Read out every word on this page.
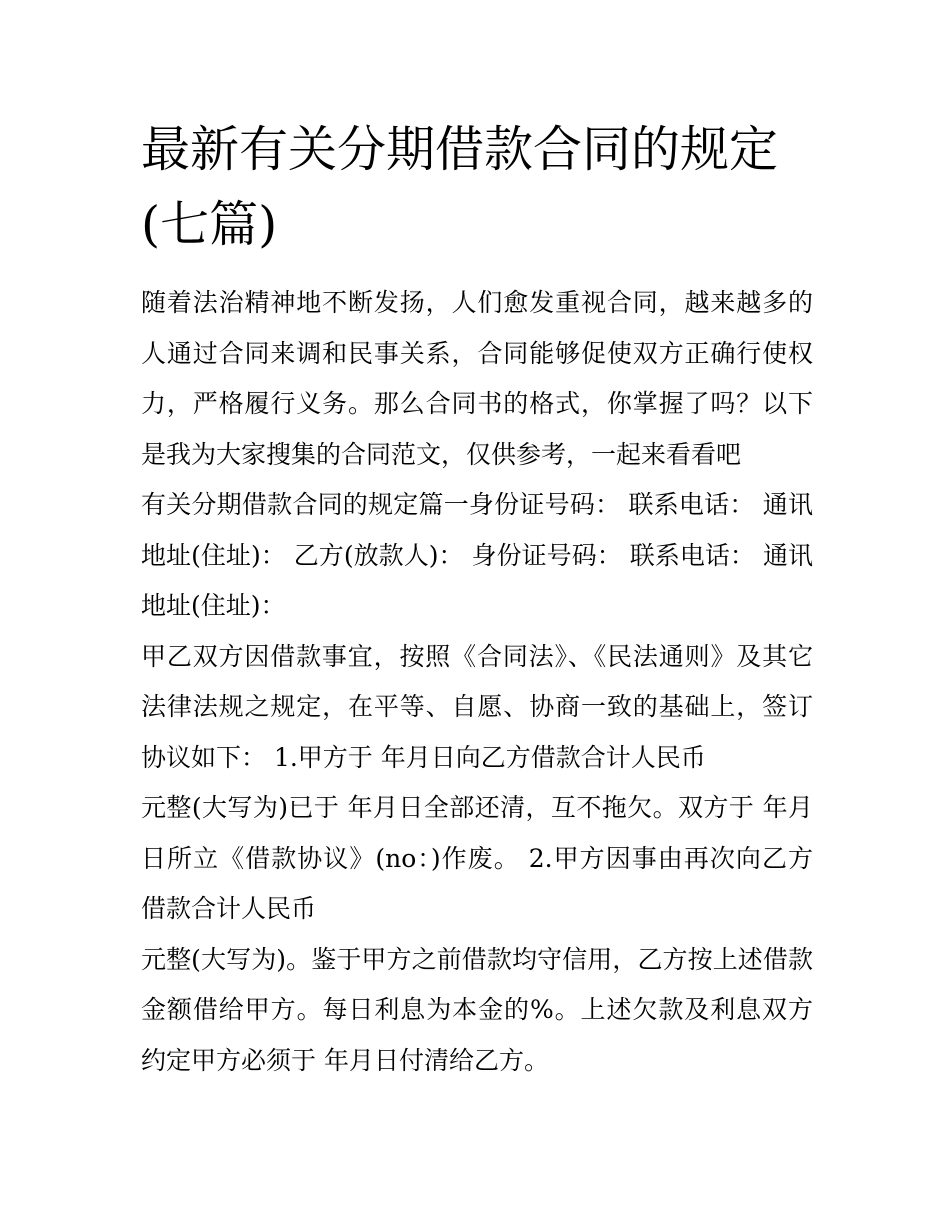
最新有关分期借款合同的规定(七篇)

随着法治精神地不断发扬，人们愈发重视合同，越来越多的人通过合同来调和民事关系，合同能够促使双方正确行使权力，严格履行义务。那么合同书的格式，你掌握了吗？以下是我为大家搜集的合同范文，仅供参考，一起来看看吧

有关分期借款合同的规定篇一身份证号码： 联系电话： 通讯地址(住址)： 乙方(放款人)： 身份证号码： 联系电话： 通讯地址(住址)：

甲乙双方因借款事宜，按照《合同法》、《民法通则》及其它法律法规之规定，在平等、自愿、协商一致的基础上，签订协议如下： 1.甲方于 年月日向乙方借款合计人民币

元整(大写为)已于 年月日全部还清，互不拖欠。双方于 年月日所立《借款协议》(no：)作废。 2.甲方因事由再次向乙方 借款合计人民币

元整(大写为)。鉴于甲方之前借款均守信用，乙方按上述借款金额借给甲方。每日利息为本金的%。上述欠款及利息双方约定甲方必须于 年月日付清给乙方。
